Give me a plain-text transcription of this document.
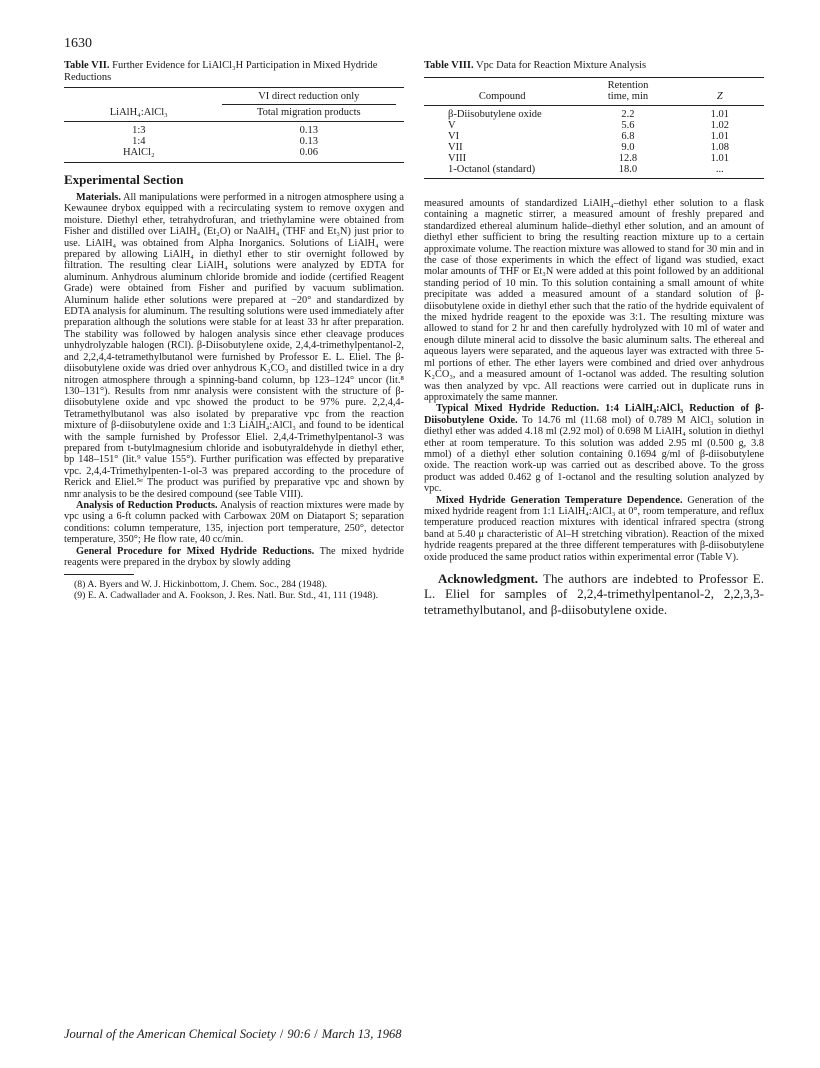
1630

Table VII. Further Evidence for LiAlCl₃H Participation in Mixed Hydride Reductions

	VI direct reduction only

LiAlH₄:AlCl₃	Total migration products

1:3	0.13
1:4	0.13
HAlCl₂	0.06

Experimental Section

Materials. All manipulations were performed in a nitrogen atmosphere using a Kewaunee drybox equipped with a recirculating system to remove oxygen and moisture. Diethyl ether, tetrahydrofuran, and triethylamine were obtained from Fisher and distilled over LiAlH₄ (Et₂O) or NaAlH₄ (THF and Et₃N) just prior to use. LiAlH₄ was obtained from Alpha Inorganics. Solutions of LiAlH₄ were prepared by allowing LiAlH₄ in diethyl ether to stir overnight followed by filtration. The resulting clear LiAlH₄ solutions were analyzed by EDTA for aluminum. Anhydrous aluminum chloride bromide and iodide (certified Reagent Grade) were obtained from Fisher and purified by vacuum sublimation. Aluminum halide ether solutions were prepared at −20° and standardized by EDTA analysis for aluminum. The resulting solutions were used immediately after preparation although the solutions were stable for at least 33 hr after preparation. The stability was followed by halogen analysis since ether cleavage produces unhydrolyzable halogen (RCl). β-Diisobutylene oxide, 2,4,4-trimethylpentanol-2, and 2,2,4,4-tetramethylbutanol were furnished by Professor E. L. Eliel. The β-diisobutylene oxide was dried over anhydrous K₂CO₃ and distilled twice in a dry nitrogen atmosphere through a spinning-band column, bp 123–124° uncor (lit.⁸ 130–131°). Results from nmr analysis were consistent with the structure of β-diisobutylene oxide and vpc showed the product to be 97% pure. 2,2,4,4-Tetramethylbutanol was also isolated by preparative vpc from the reaction mixture of β-diisobutylene oxide and 1:3 LiAlH₄:AlCl₃ and found to be identical with the sample furnished by Professor Eliel. 2,4,4-Trimethylpentanol-3 was prepared from t-butylmagnesium chloride and isobutyraldehyde in diethyl ether, bp 148–151° (lit.⁹ value 155°). Further purification was effected by preparative vpc. 2,4,4-Trimethylpenten-1-ol-3 was prepared according to the procedure of Rerick and Eliel.⁵ᵉ The product was purified by preparative vpc and shown by nmr analysis to be the desired compound (see Table VIII).

Analysis of Reduction Products. Analysis of reaction mixtures were made by vpc using a 6-ft column packed with Carbowax 20M on Diataport S; separation conditions: column temperature, 135, injection port temperature, 250°, detector temperature, 350°; He flow rate, 40 cc/min.

General Procedure for Mixed Hydride Reductions. The mixed hydride reagents were prepared in the drybox by slowly adding

(8) A. Byers and W. J. Hickinbottom, J. Chem. Soc., 284 (1948).

(9) E. A. Cadwallader and A. Fookson, J. Res. Natl. Bur. Std., 41, 111 (1948).

Table VIII. Vpc Data for Reaction Mixture Analysis

	Retention	
Compound	time, min	Z

β-Diisobutylene oxide	2.2	1.01
V	5.6	1.02
VI	6.8	1.01
VII	9.0	1.08
VIII	12.8	1.01
1-Octanol (standard)	18.0	...

measured amounts of standardized LiAlH₄–diethyl ether solution to a flask containing a magnetic stirrer, a measured amount of freshly prepared and standardized ethereal aluminum halide–diethyl ether solution, and an amount of diethyl ether sufficient to bring the resulting reaction mixture up to a certain approximate volume. The reaction mixture was allowed to stand for 30 min and in the case of those experiments in which the effect of ligand was studied, exact molar amounts of THF or Et₃N were added at this point followed by an additional standing period of 10 min. To this solution containing a small amount of white precipitate was added a measured amount of a standard solution of β-diisobutylene oxide in diethyl ether such that the ratio of the hydride equivalent of the mixed hydride reagent to the epoxide was 3:1. The resulting mixture was allowed to stand for 2 hr and then carefully hydrolyzed with 10 ml of water and enough dilute mineral acid to dissolve the basic aluminum salts. The ethereal and aqueous layers were separated, and the aqueous layer was extracted with three 5-ml portions of ether. The ether layers were combined and dried over anhydrous K₂CO₃, and a measured amount of 1-octanol was added. The resulting solution was then analyzed by vpc. All reactions were carried out in duplicate runs in approximately the same manner.

Typical Mixed Hydride Reduction. 1:4 LiAlH₄:AlCl₃ Reduction of β-Diisobutylene Oxide. To 14.76 ml (11.68 mol) of 0.789 M AlCl₃ solution in diethyl ether was added 4.18 ml (2.92 mol) of 0.698 M LiAlH₄ solution in diethyl ether at room temperature. To this solution was added 2.95 ml (0.500 g, 3.8 mmol) of a diethyl ether solution containing 0.1694 g/ml of β-diisobutylene oxide. The reaction work-up was carried out as described above. To the gross product was added 0.462 g of 1-octanol and the resulting solution analyzed by vpc.

Mixed Hydride Generation Temperature Dependence. Generation of the mixed hydride reagent from 1:1 LiAlH₄:AlCl₃ at 0°, room temperature, and reflux temperature produced reaction mixtures with identical infrared spectra (strong band at 5.40 μ characteristic of Al–H stretching vibration). Reaction of the mixed hydride reagents prepared at the three different temperatures with β-diisobutylene oxide produced the same product ratios within experimental error (Table V).

Acknowledgment. The authors are indebted to Professor E. L. Eliel for samples of 2,2,4-trimethylpentanol-2, 2,2,3,3-tetramethylbutanol, and β-diisobutylene oxide.

Journal of the American Chemical Society / 90:6 / March 13, 1968
